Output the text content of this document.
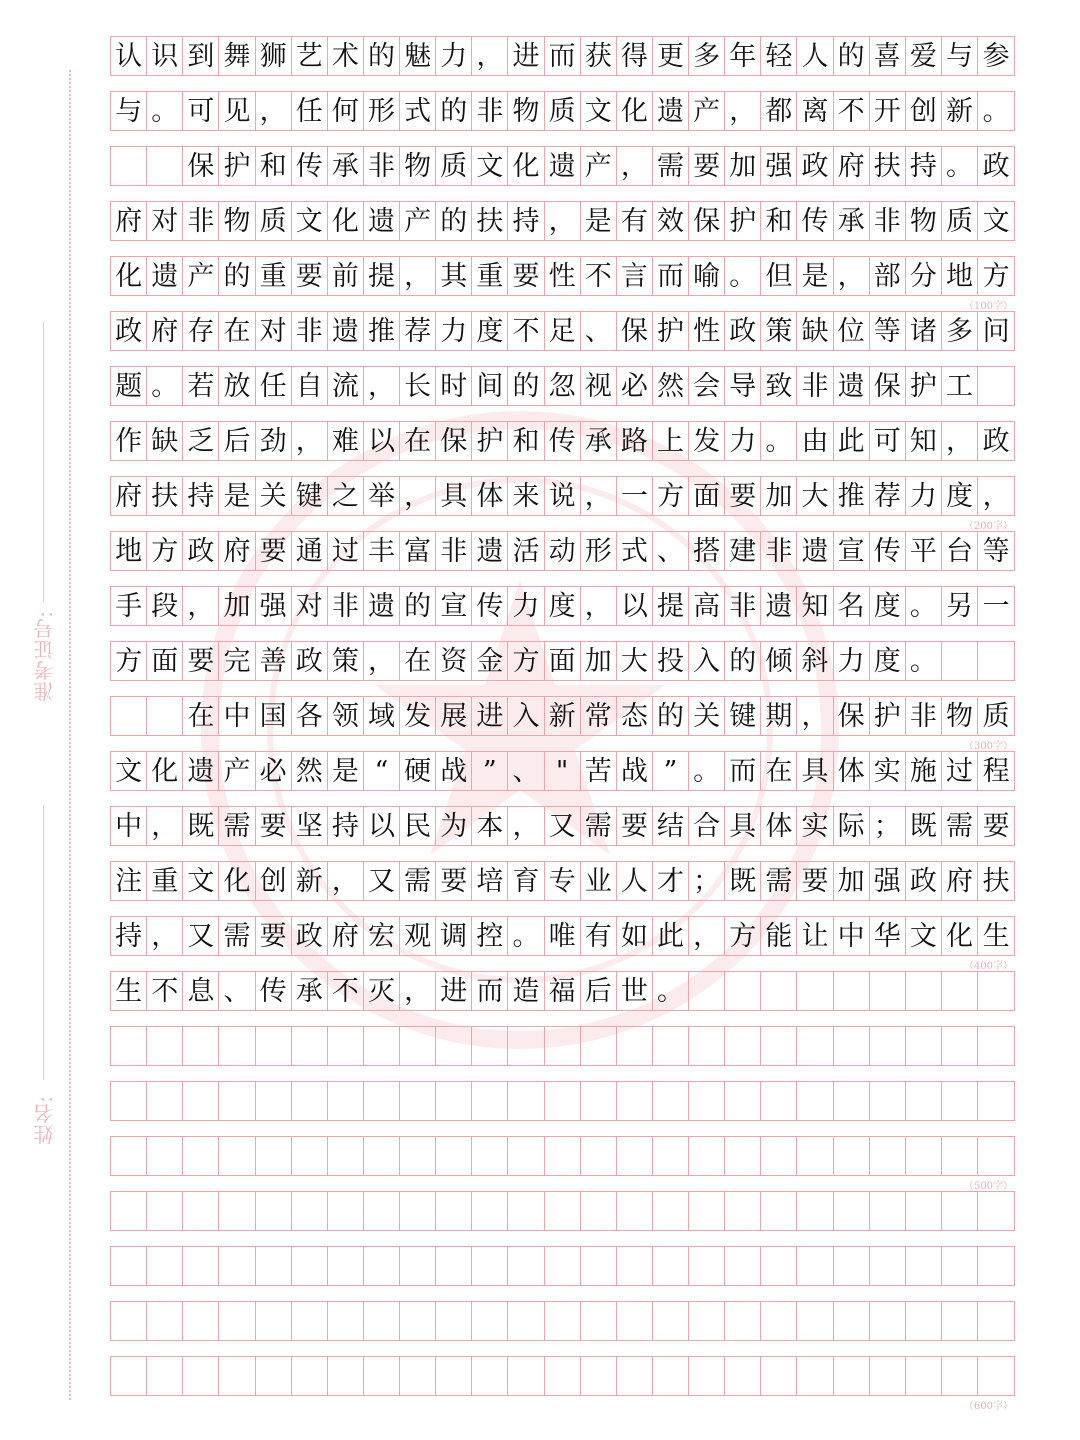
准考证号:
姓名:
认 识 到 舞 狮 艺 术 的 魅 力 ， 进 而 获 得 更 多 年 轻 人 的 喜 爱 与 参
与 。 可 见 ， 任 何 形 式 的 非 物 质 文 化 遗 产 ， 都 离 不 开 创 新 。
保 护 和 传 承 非 物 质 文 化 遗 产 ， 需 要 加 强 政 府 扶 持 。 政
府 对 非 物 质 文 化 遗 产 的 扶 持 ， 是 有 效 保 护 和 传 承 非 物 质 文
化 遗 产 的 重 要 前 提 ， 其 重 要 性 不 言 而 喻 。 但 是 ， 部 分 地 方
政 府 存 在 对 非 遗 推 荐 力 度 不 足 、 保 护 性 政 策 缺 位 等 诸 多 问
题 。 若 放 任 自 流 ， 长 时 间 的 忽 视 必 然 会 导 致 非 遗 保 护 工
作 缺 乏 后 劲 ， 难 以 在 保 护 和 传 承 路 上 发 力 。 由 此 可 知 ， 政
府 扶 持 是 关 键 之 举 ， 具 体 来 说 ， 一 方 面 要 加 大 推 荐 力 度 ，
地 方 政 府 要 通 过 丰 富 非 遗 活 动 形 式 、 搭 建 非 遗 宣 传 平 台 等
手 段 ， 加 强 对 非 遗 的 宣 传 力 度 ， 以 提 高 非 遗 知 名 度 。 另 一
方 面 要 完 善 政 策 ， 在 资 金 方 面 加 大 投 入 的 倾 斜 力 度 。
在 中 国 各 领 域 发 展 进 入 新 常 态 的 关 键 期 ， 保 护 非 物 质
文 化 遗 产 必 然 是 “ 硬 战 ” 、 " 苦 战 ” 。 而 在 具 体 实 施 过 程
中 ， 既 需 要 坚 持 以 民 为 本 ， 又 需 要 结 合 具 体 实 际 ； 既 需 要
注 重 文 化 创 新 ， 又 需 要 培 育 专 业 人 才 ； 既 需 要 加 强 政 府 扶
持 ， 又 需 要 政 府 宏 观 调 控 。 唯 有 如 此 ， 方 能 让 中 华 文 化 生
生 不 息 、 传 承 不 灭 ， 进 而 造 福 后 世 。
（100字）
（200字）
（300字）
（400字）
（500字）
（600字）
